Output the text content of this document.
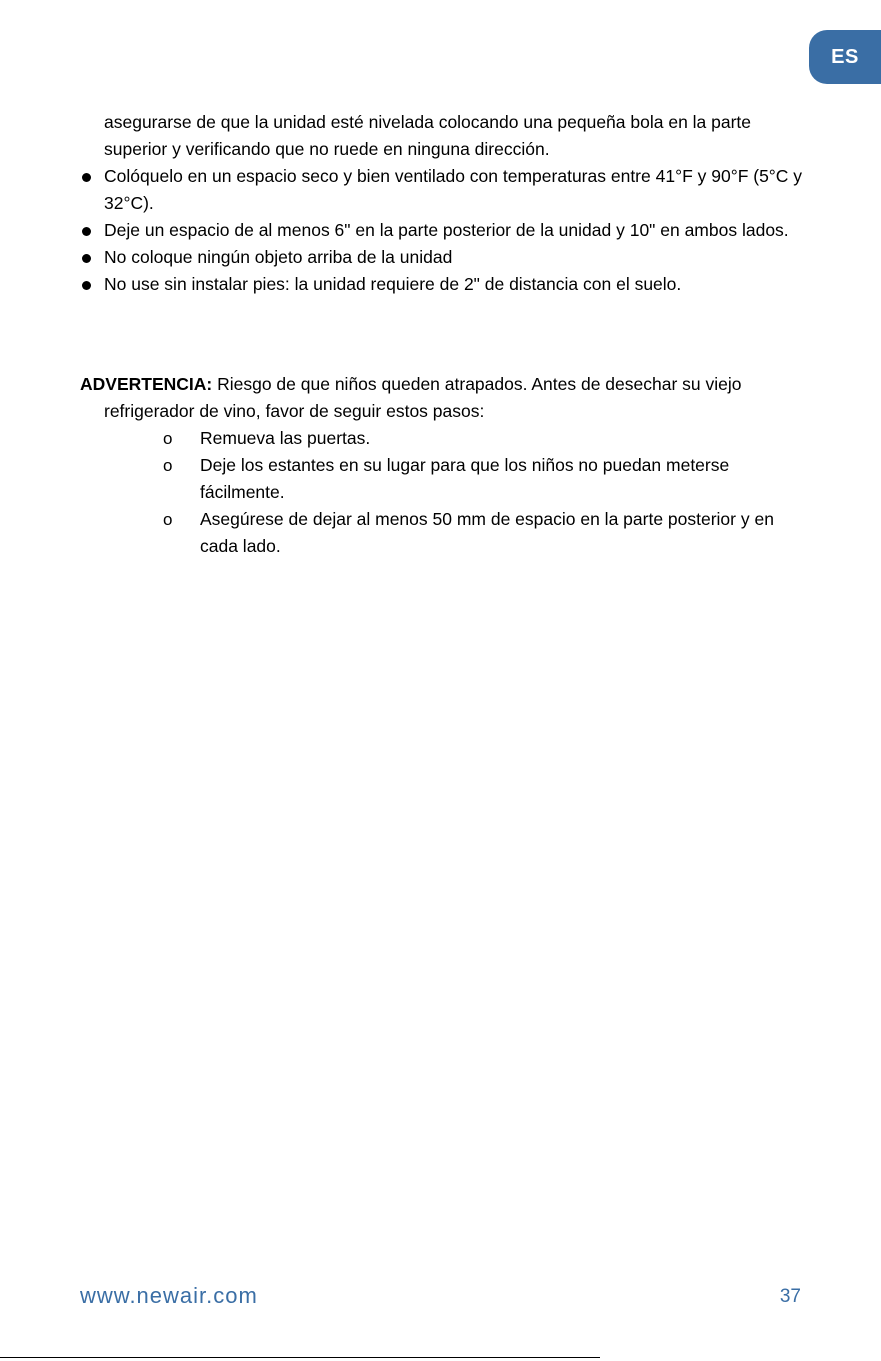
ES

asegurarse de que la unidad esté nivelada colocando una pequeña bola en la parte superior y verificando que no ruede en ninguna dirección.

Colóquelo en un espacio seco y bien ventilado con temperaturas entre 41°F y 90°F (5°C y 32°C).
Deje un espacio de al menos 6" en la parte posterior de la unidad y 10" en ambos lados.
No coloque ningún objeto arriba de la unidad
No use sin instalar pies: la unidad requiere de 2" de distancia con el suelo.
ADVERTENCIA: Riesgo de que niños queden atrapados. Antes de desechar su viejo refrigerador de vino, favor de seguir estos pasos:
o Remueva las puertas.
o Deje los estantes en su lugar para que los niños no puedan meterse fácilmente.
o Asegúrese de dejar al menos 50 mm de espacio en la parte posterior y en cada lado.
www.newair.com	37
